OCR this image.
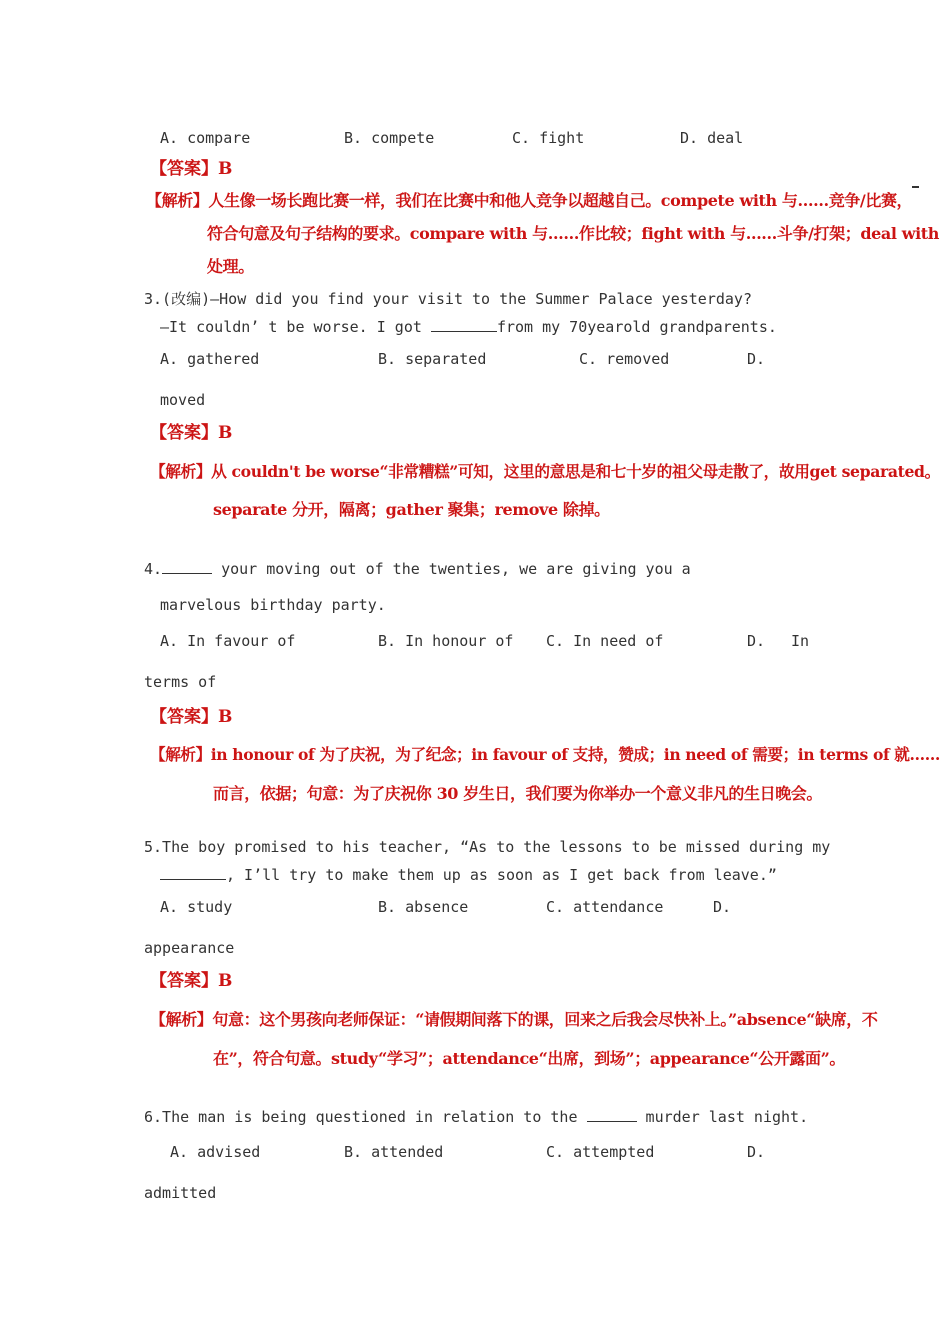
A. compare	B. compete	C. fight	D. deal
【答案】B
【解析】人生像一场长跑比赛一样，我们在比赛中和他人竞争以超越自己。compete with 与……竞争/比赛，
符合句意及句子结构的要求。compare with 与……作比较；fight with 与……斗争/打架；deal with
处理。
3.(改编)—How did you find your visit to the Summer Palace yesterday?
—It couldn’ t be worse. I got	from my 70yearold grandparents.
A. gathered	B. separated	C. removed	D.
moved
【答案】B
【解析】从 couldn't be worse“非常糟糕”可知，这里的意思是和七十岁的祖父母走散了，故用get separated。
separate 分开，隔离；gather 聚集；remove 除掉。
4.	your moving out of the twenties, we are giving you a
marvelous birthday party.
A. In favour of	B. In honour of C. In need of	D. In
terms of
【答案】B
【解析】in honour of 为了庆祝，为了纪念；in favour of 支持，赞成；in need of 需要；in terms of 就……
而言，依据；句意：为了庆祝你 30 岁生日，我们要为你举办一个意义非凡的生日晚会。
5.The boy promised to his teacher, “As to the lessons to be missed during my
, I’ll try to make them up as soon as I get back from leave.”
A. study	B. absence	C. attendance	D.
appearance
【答案】B
【解析】句意：这个男孩向老师保证：“请假期间落下的课，回来之后我会尽快补上。”absence“缺席，不
在”，符合句意。study“学习”；attendance“出席，到场”；appearance“公开露面”。
6.The man is being questioned in relation to the	murder last night.
A. advised	B. attended	C. attempted	D.
admitted
